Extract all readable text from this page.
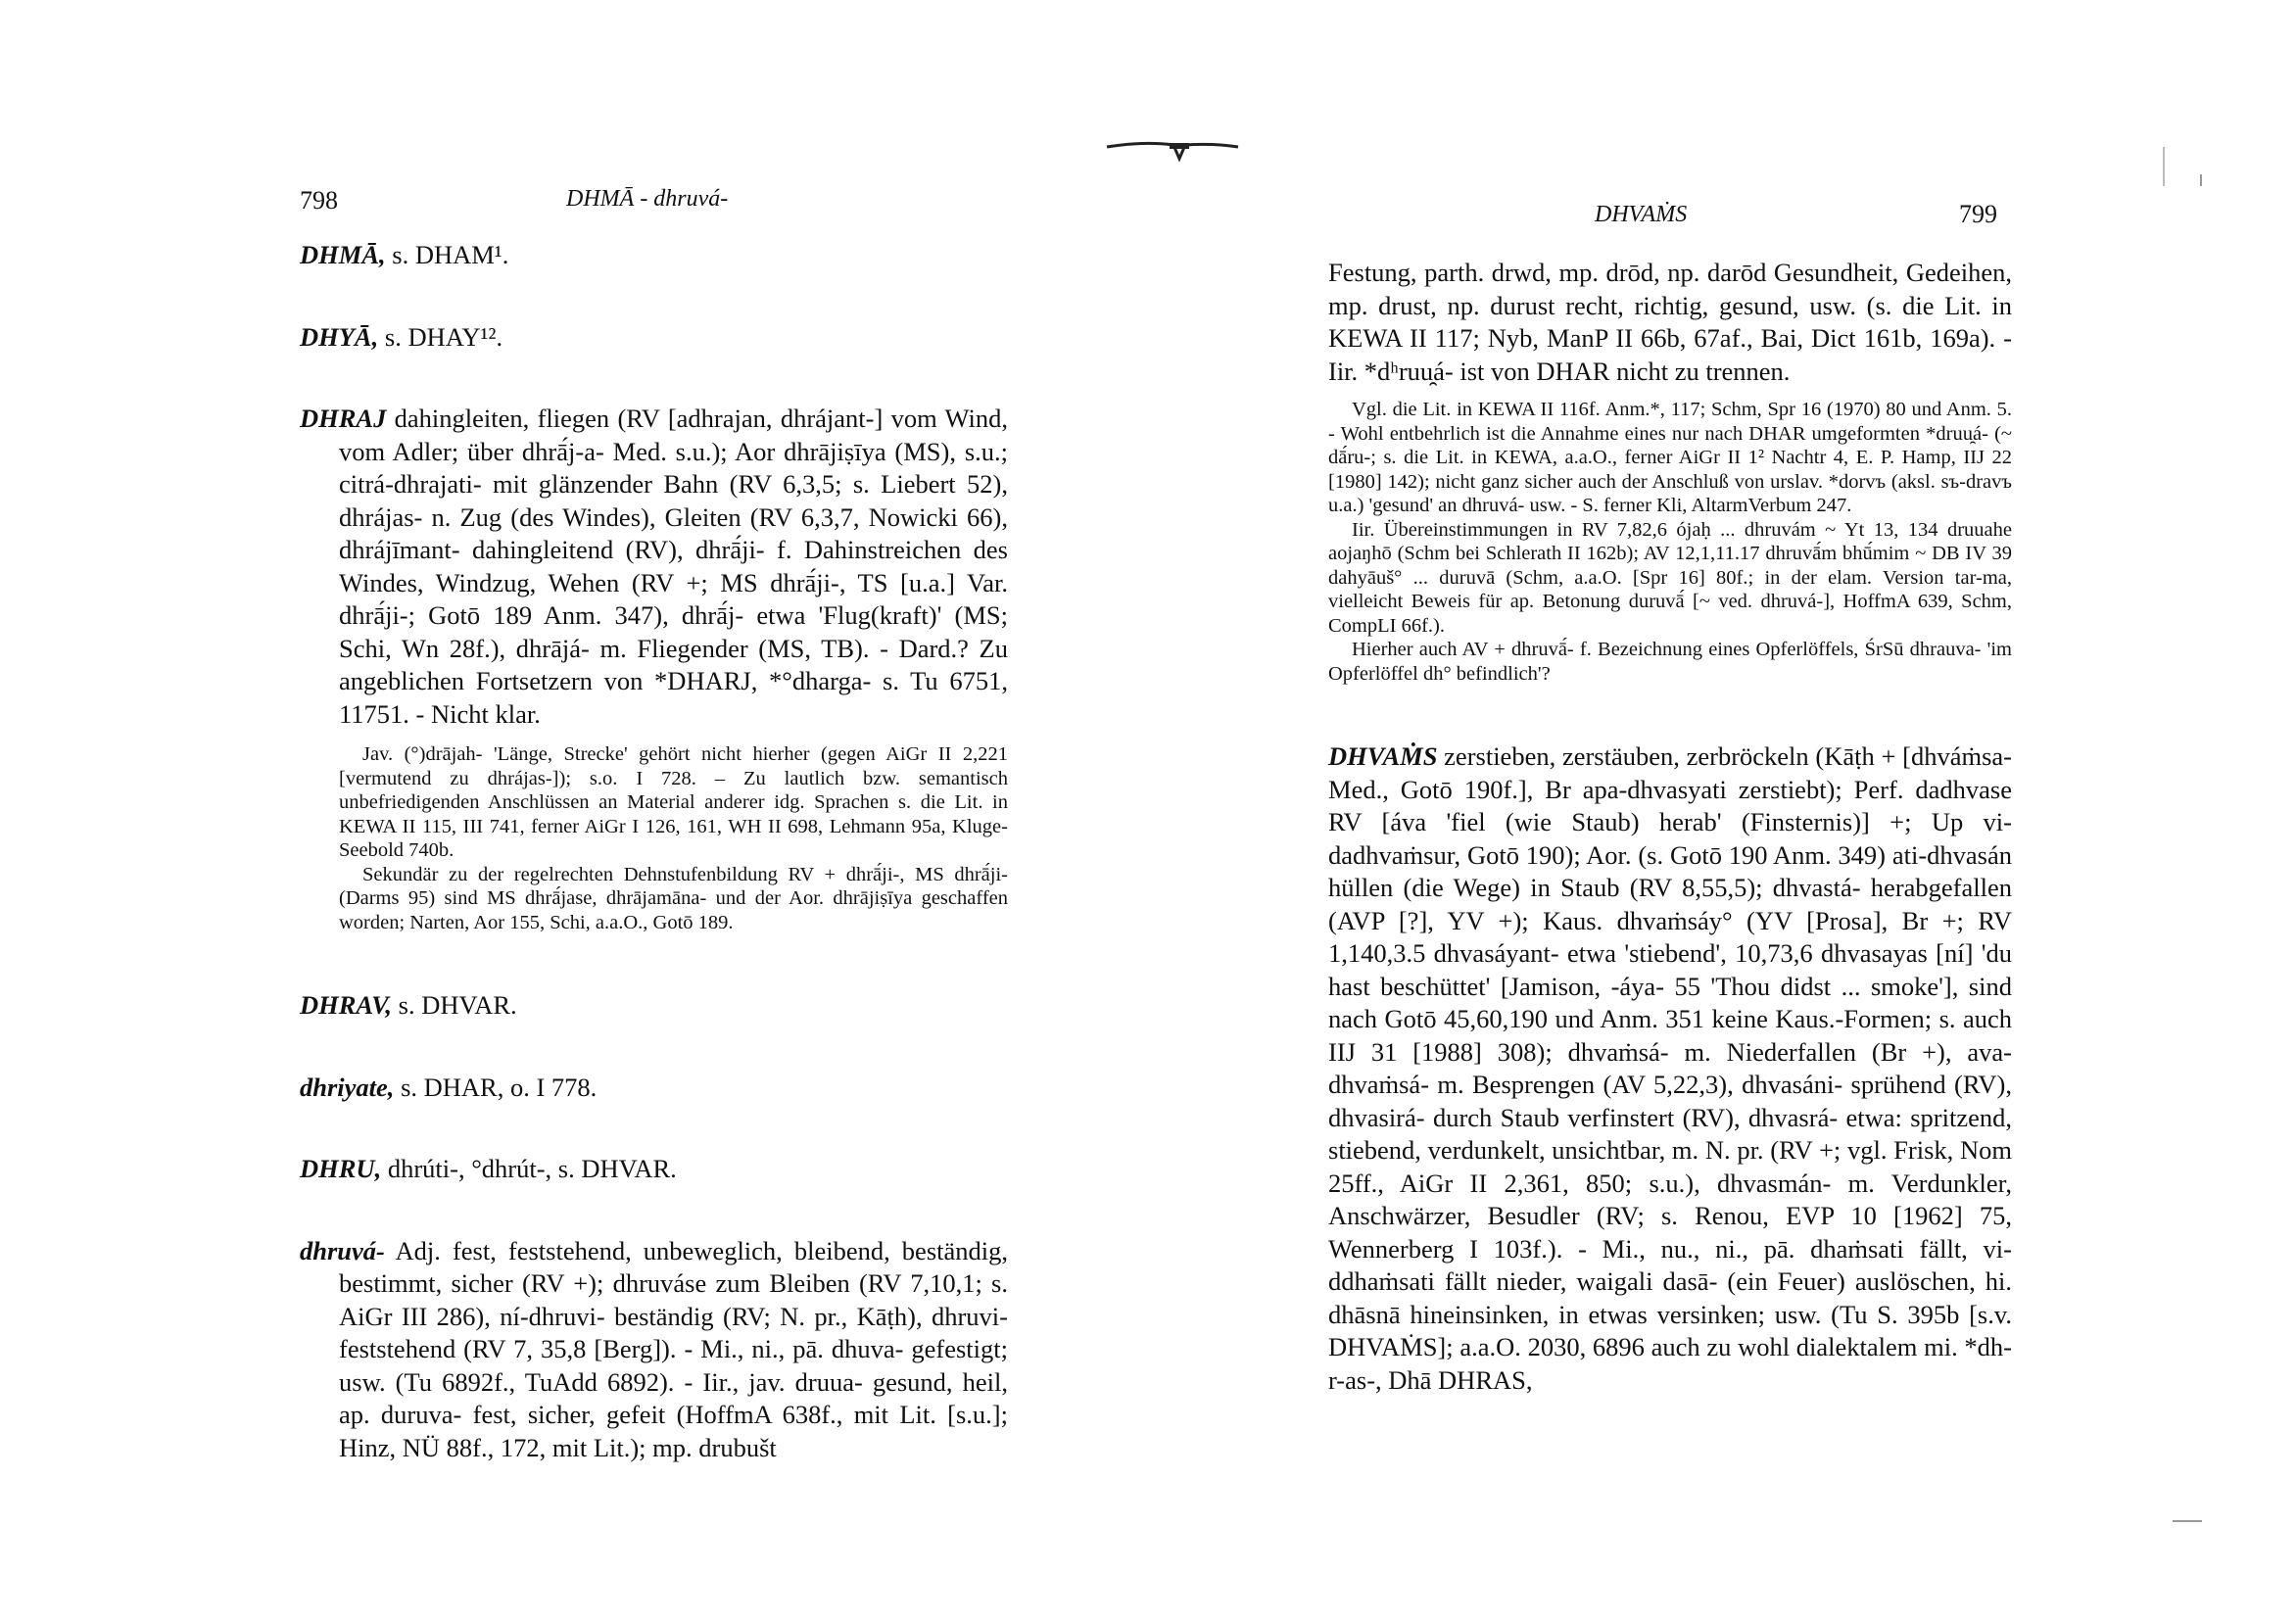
798	DHMĀ - dhruvá-

DHMĀ, s. DHAM¹.

DHYĀ, s. DHAY¹².

DHRAJ dahingleiten, fliegen (RV [adhrajan, dhrájant-] vom Wind, vom Adler; über dhrā́j-a- Med. s.u.); Aor dhrājiṣīya (MS), s.u.; citrá-dhrajati- mit glänzender Bahn (RV 6,3,5; s. Liebert 52), dhrájas- n. Zug (des Windes), Gleiten (RV 6,3,7, Nowicki 66), dhrájīmant- dahingleitend (RV), dhrā́ji- f. Dahinstreichen des Windes, Windzug, Wehen (RV +; MS dhrā́ji-, TS [u.a.] Var. dhrā́ji-; Gotō 189 Anm. 347), dhrā́j- etwa 'Flug(kraft)' (MS; Schi, Wn 28f.), dhrājá- m. Fliegender (MS, TB). - Dard.? Zu angeblichen Fortsetzern von *DHARJ, *°dharga- s. Tu 6751, 11751. - Nicht klar.

Jav. (°)drājah- 'Länge, Strecke' gehört nicht hierher (gegen AiGr II 2,221 [vermutend zu dhrájas-]); s.o. I 728. – Zu lautlich bzw. semantisch unbefriedigenden Anschlüssen an Material anderer idg. Sprachen s. die Lit. in KEWA II 115, III 741, ferner AiGr I 126, 161, WH II 698, Lehmann 95a, Kluge-Seebold 740b.

Sekundär zu der regelrechten Dehnstufenbildung RV + dhrā́ji-, MS dhrā́ji- (Darms 95) sind MS dhrā́jase, dhrājamāna- und der Aor. dhrājiṣīya geschaffen worden; Narten, Aor 155, Schi, a.a.O., Gotō 189.

DHRAV, s. DHVAR.

dhriyate, s. DHAR, o. I 778.

DHRU, dhrúti-, °dhrút-, s. DHVAR.

dhruvá- Adj. fest, feststehend, unbeweglich, bleibend, beständig, bestimmt, sicher (RV +); dhruváse zum Bleiben (RV 7,10,1; s. AiGr III 286), ní-dhruvi- beständig (RV; N. pr., Kāṭh), dhruvi- feststehend (RV 7, 35,8 [Berg]). - Mi., ni., pā. dhuva- gefestigt; usw. (Tu 6892f., TuAdd 6892). - Iir., jav. druua- gesund, heil, ap. duruva- fest, sicher, gefeit (HoffmA 638f., mit Lit. [s.u.]; Hinz, NÜ 88f., 172, mit Lit.); mp. drubušt

DHVAṀS	799

Festung, parth. drwd, mp. drōd, np. darōd Gesundheit, Gedeihen, mp. drust, np. durust recht, richtig, gesund, usw. (s. die Lit. in KEWA II 117; Nyb, ManP II 66b, 67af., Bai, Dict 161b, 169a). - Iir. *dʰruu̯á- ist von DHAR nicht zu trennen.

Vgl. die Lit. in KEWA II 116f. Anm.*, 117; Schm, Spr 16 (1970) 80 und Anm. 5. - Wohl entbehrlich ist die Annahme eines nur nach DHAR umgeformten *druu̯á- (~ dā́ru-; s. die Lit. in KEWA, a.a.O., ferner AiGr II 1² Nachtr 4, E. P. Hamp, IIJ 22 [1980] 142); nicht ganz sicher auch der Anschluß von urslav. *dorvъ (aksl. sъ-dravъ u.a.) 'gesund' an dhruvá- usw. - S. ferner Kli, AltarmVerbum 247.

Iir. Übereinstimmungen in RV 7,82,6 ójaḥ ... dhruvám ~ Yt 13, 134 druuahe aojaŋhō (Schm bei Schlerath II 162b); AV 12,1,11.17 dhruvā́m bhū́mim ~ DB IV 39 dahyāuš° ... duruvā (Schm, a.a.O. [Spr 16] 80f.; in der elam. Version tar-ma, vielleicht Beweis für ap. Betonung duruvā́ [~ ved. dhruvá-], HoffmA 639, Schm, CompLI 66f.).

Hierher auch AV + dhruvā́- f. Bezeichnung eines Opferlöffels, ŚrSū dhrauva- 'im Opferlöffel dh° befindlich'?

DHVAṀS zerstieben, zerstäuben, zerbröckeln (Kāṭh + [dhváṁsa- Med., Gotō 190f.], Br apa-dhvasyati zerstiebt); Perf. dadhvase RV [áva 'fiel (wie Staub) herab' (Finsternis)] +; Up vi-dadhvaṁsur, Gotō 190); Aor. (s. Gotō 190 Anm. 349) ati-dhvasán hüllen (die Wege) in Staub (RV 8,55,5); dhvastá- herabgefallen (AVP [?], YV +); Kaus. dhvaṁsáy° (YV [Prosa], Br +; RV 1,140,3.5 dhvasáyant- etwa 'stiebend', 10,73,6 dhvasayas [ní] 'du hast beschüttet' [Jamison, -áya- 55 'Thou didst ... smoke'], sind nach Gotō 45,60,190 und Anm. 351 keine Kaus.-Formen; s. auch IIJ 31 [1988] 308); dhvaṁsá- m. Niederfallen (Br +), ava-dhvaṁsá- m. Besprengen (AV 5,22,3), dhvasáni- sprühend (RV), dhvasirá- durch Staub verfinstert (RV), dhvasrá- etwa: spritzend, stiebend, verdunkelt, unsichtbar, m. N. pr. (RV +; vgl. Frisk, Nom 25ff., AiGr II 2,361, 850; s.u.), dhvasmán- m. Verdunkler, Anschwärzer, Besudler (RV; s. Renou, EVP 10 [1962] 75, Wennerberg I 103f.). - Mi., nu., ni., pā. dhaṁsati fällt, vi-ddhaṁsati fällt nieder, waigali dasā- (ein Feuer) auslöschen, hi. dhāsnā hineinsinken, in etwas versinken; usw. (Tu S. 395b [s.v. DHVAṀS]; a.a.O. 2030, 6896 auch zu wohl dialektalem mi. *dh-r-as-, Dhā DHRAS,
